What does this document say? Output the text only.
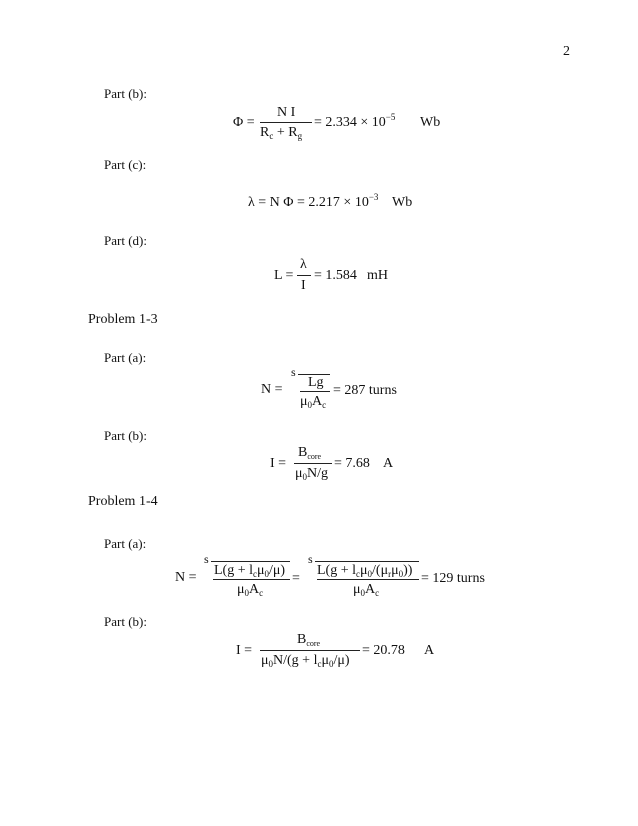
2
Part (b):
Φ =
N I
$R_c + R_g$
= $2.334 \times 10^{-5}$ Wb
Part (c):
λ = N $\Phi = 2.217 \times 10^{-3}$ Wb
Part (d):
L =
λ
I
= 1.584 mH
Problem 1-3
Part (a):
N =
s
Lg
$\mu_0A_c$
= 287 turns
Part (b):
I =
$B_{core}$
$\mu_0N/g$
= 7.68 A
Problem 1-4
Part (a):
N =
s
$L(g + l_c\mu_0/\mu)$
$\mu_0A_c$
=
s
$L(g + l_c\mu_0/(\mu_r\mu_0))$
$\mu_0A_c$
= 129 turns
Part (b):
I =
$B_{core}$
$\mu_0N/(g + l_c\mu_0/\mu)$
= 20.78 A
